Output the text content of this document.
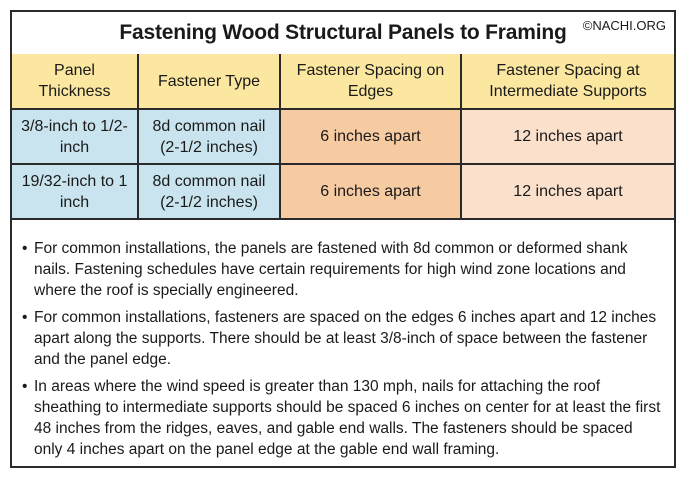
Fastening Wood Structural Panels to Framing	©NACHI.ORG
Panel Thickness	Fastener Type	Fastener Spacing on Edges	Fastener Spacing at Intermediate Supports
3/8-inch to 1/2-inch	8d common nail (2-1/2 inches)	6 inches apart	12 inches apart
19/32-inch to 1 inch	8d common nail (2-1/2 inches)	6 inches apart	12 inches apart
• For common installations, the panels are fastened with 8d common or deformed shank nails. Fastening schedules have certain requirements for high wind zone locations and where the roof is specially engineered.
• For common installations, fasteners are spaced on the edges 6 inches apart and 12 inches apart along the supports. There should be at least 3/8-inch of space between the fastener and the panel edge.
• In areas where the wind speed is greater than 130 mph, nails for attaching the roof sheathing to intermediate supports should be spaced 6 inches on center for at least the first 48 inches from the ridges, eaves, and gable end walls. The fasteners should be spaced only 4 inches apart on the panel edge at the gable end wall framing.
